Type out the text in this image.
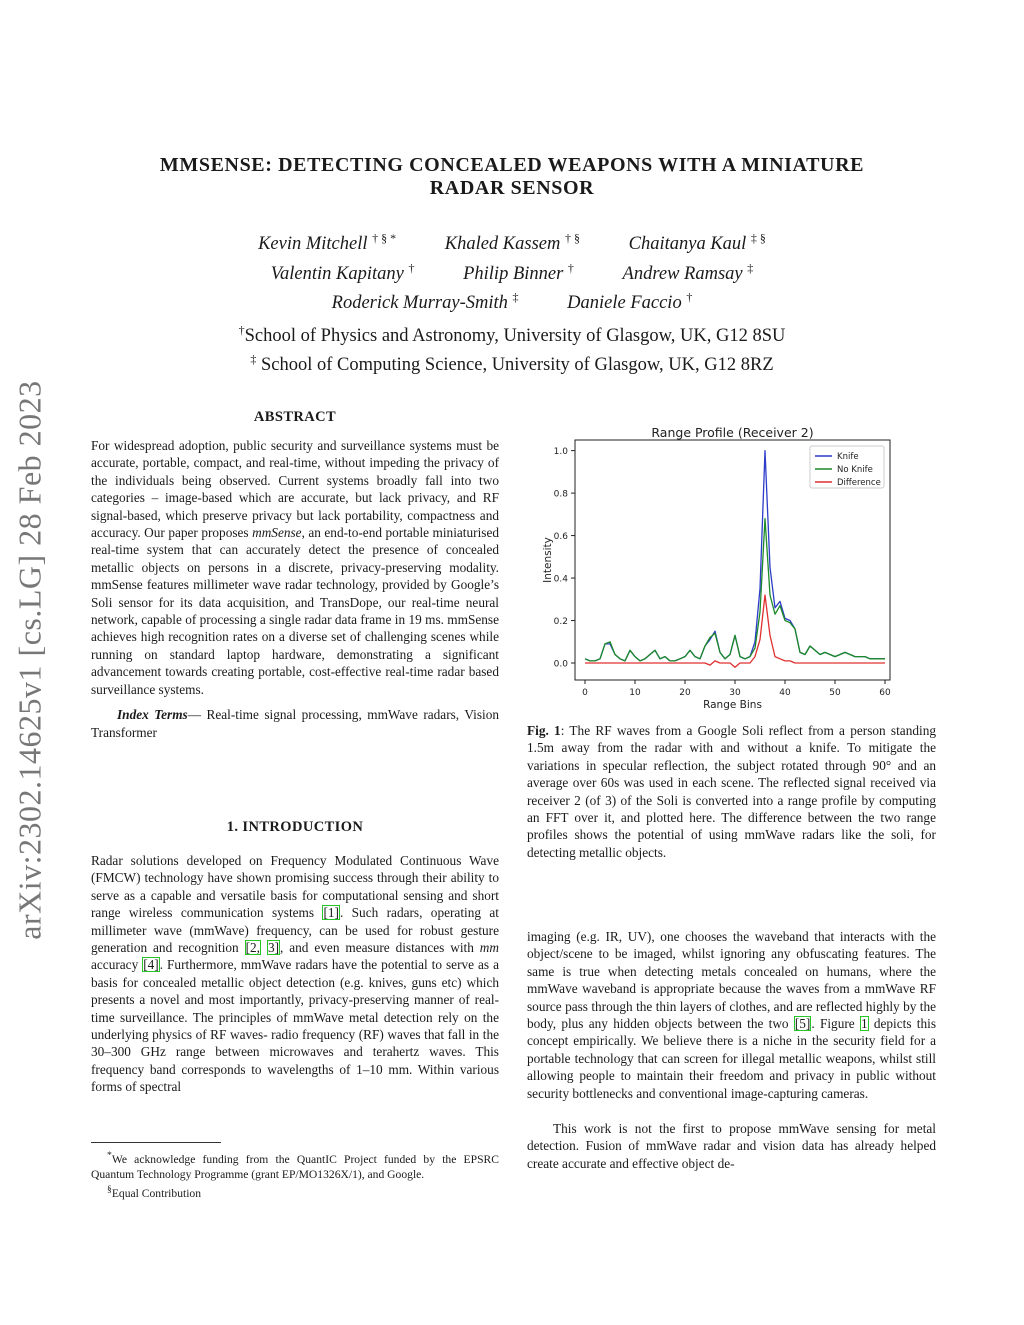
arXiv:2302.14625v1 [cs.LG] 28 Feb 2023
MMSENSE: DETECTING CONCEALED WEAPONS WITH A MINIATURE
RADAR SENSOR
Kevin Mitchell † § *	Khaled Kassem † §	Chaitanya Kaul ‡ §
Valentin Kapitany †	Philip Binner †	Andrew Ramsay ‡
Roderick Murray-Smith ‡	Daniele Faccio †
†School of Physics and Astronomy, University of Glasgow, UK, G12 8SU
‡ School of Computing Science, University of Glasgow, UK, G12 8RZ
ABSTRACT

For widespread adoption, public security and surveillance systems must be accurate, portable, compact, and real-time, without impeding the privacy of the individuals being observed. Current systems broadly fall into two categories – image-based which are accurate, but lack privacy, and RF signal-based, which preserve privacy but lack portability, compactness and accuracy. Our paper proposes mmSense, an end-to-end portable miniaturised real-time system that can accurately detect the presence of concealed metallic objects on persons in a discrete, privacy-preserving modality. mmSense features millimeter wave radar technology, provided by Google’s Soli sensor for its data acquisition, and TransDope, our real-time neural network, capable of processing a single radar data frame in 19 ms. mmSense achieves high recognition rates on a diverse set of challenging scenes while running on standard laptop hardware, demonstrating a significant advancement towards creating portable, cost-effective real-time radar based surveillance systems.

Index Terms— Real-time signal processing, mmWave radars, Vision Transformer

1. INTRODUCTION

Radar solutions developed on Frequency Modulated Continuous Wave (FMCW) technology have shown promising success through their ability to serve as a capable and versatile basis for computational sensing and short range wireless communication systems [1]. Such radars, operating at millimeter wave (mmWave) frequency, can be used for robust gesture generation and recognition [2, 3], and even measure distances with mm accuracy [4]. Furthermore, mmWave radars have the potential to serve as a basis for concealed metallic object detection (e.g. knives, guns etc) which presents a novel and most importantly, privacy-preserving manner of real-time surveillance. The principles of mmWave metal detection rely on the underlying physics of RF waves- radio frequency (RF) waves that fall in the 30–300 GHz range between microwaves and terahertz waves. This frequency band corresponds to wavelengths of 1–10 mm. Within various forms of spectral

*We acknowledge funding from the QuantIC Project funded by the EPSRC Quantum Technology Programme (grant EP/MO1326X/1), and Google.

§Equal Contribution

Range Profile (Receiver 2)
0.0
0.2
0.4
0.6
0.8
1.0
0	10	20	30	40	50	60
Intensity
Range Bins
Knife
No Knife
Difference

Fig. 1: The RF waves from a Google Soli reflect from a person standing 1.5m away from the radar with and without a knife. To mitigate the variations in specular reflection, the subject rotated through 90° and an average over 60s was used in each scene. The reflected signal received via receiver 2 (of 3) of the Soli is converted into a range profile by computing an FFT over it, and plotted here. The difference between the two range profiles shows the potential of using mmWave radars like the soli, for detecting metallic objects.

imaging (e.g. IR, UV), one chooses the waveband that interacts with the object/scene to be imaged, whilst ignoring any obfuscating features. The same is true when detecting metals concealed on humans, where the mmWave waveband is appropriate because the waves from a mmWave RF source pass through the thin layers of clothes, and are reflected highly by the body, plus any hidden objects between the two [5]. Figure 1 depicts this concept empirically. We believe there is a niche in the security field for a portable technology that can screen for illegal metallic weapons, whilst still allowing people to maintain their freedom and privacy in public without security bottlenecks and conventional image-capturing cameras.

This work is not the first to propose mmWave sensing for metal detection. Fusion of mmWave radar and vision data has already helped create accurate and effective object de-
